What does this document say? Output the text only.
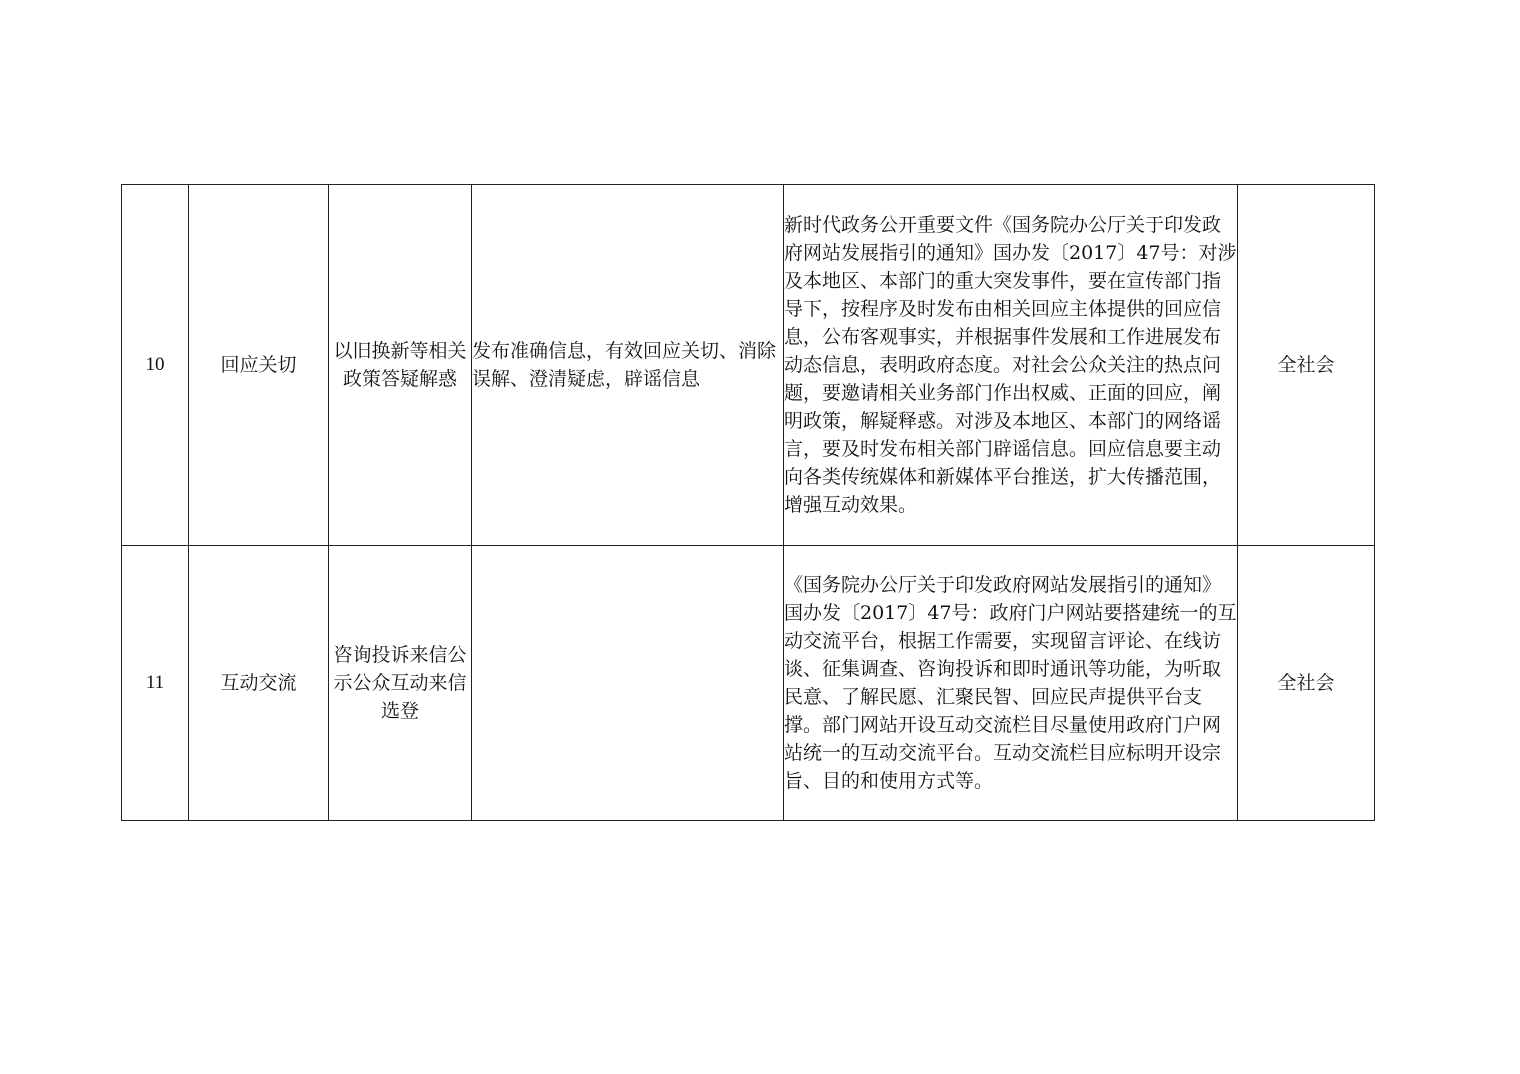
10	回应关切	以旧换新等相关政策答疑解惑	发布准确信息，有效回应关切、消除误解、澄清疑虑，辟谣信息	新时代政务公开重要文件《国务院办公厅关于印发政府网站发展指引的通知》国办发〔2017〕47号：对涉及本地区、本部门的重大突发事件，要在宣传部门指导下，按程序及时发布由相关回应主体提供的回应信息，公布客观事实，并根据事件发展和工作进展发布动态信息，表明政府态度。对社会公众关注的热点问题，要邀请相关业务部门作出权威、正面的回应，阐明政策，解疑释惑。对涉及本地区、本部门的网络谣言，要及时发布相关部门辟谣信息。回应信息要主动向各类传统媒体和新媒体平台推送，扩大传播范围，增强互动效果。	全社会
11	互动交流	咨询投诉来信公示公众互动来信选登		《国务院办公厅关于印发政府网站发展指引的通知》国办发〔2017〕47号：政府门户网站要搭建统一的互动交流平台，根据工作需要，实现留言评论、在线访谈、征集调查、咨询投诉和即时通讯等功能，为听取民意、了解民愿、汇聚民智、回应民声提供平台支撑。部门网站开设互动交流栏目尽量使用政府门户网站统一的互动交流平台。互动交流栏目应标明开设宗旨、目的和使用方式等。	全社会
